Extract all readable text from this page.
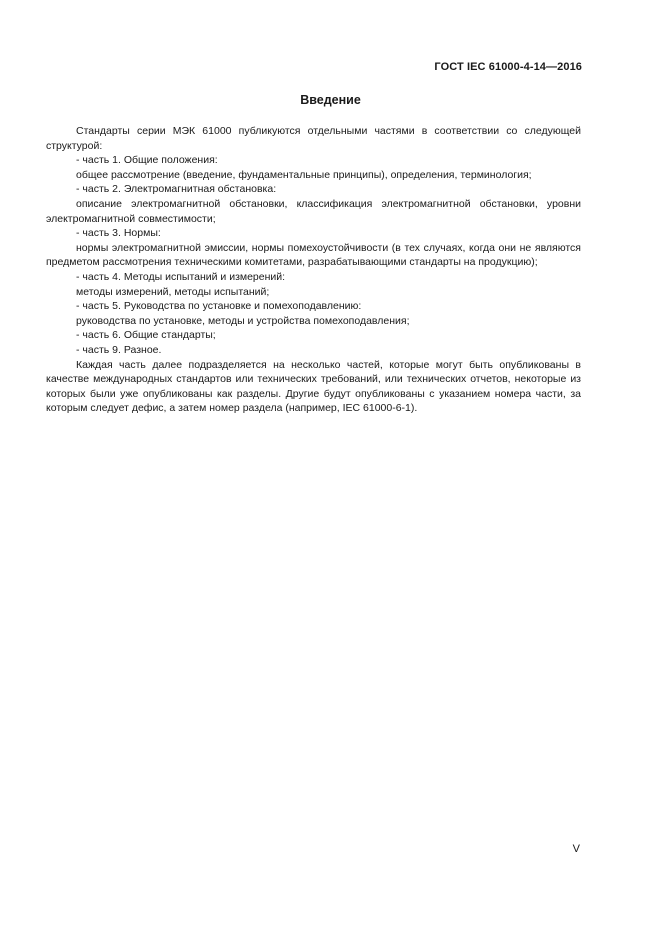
ГОСТ IEC 61000-4-14—2016
Введение

Стандарты серии МЭК 61000 публикуются отдельными частями в соответствии со следующей структурой:

- часть 1. Общие положения:

общее рассмотрение (введение, фундаментальные принципы), определения, терминология;

- часть 2. Электромагнитная обстановка:

описание электромагнитной обстановки, классификация электромагнитной обстановки, уровни электромагнитной совместимости;

- часть 3. Нормы:

нормы электромагнитной эмиссии, нормы помехоустойчивости (в тех случаях, когда они не являются предметом рассмотрения техническими комитетами, разрабатывающими стандарты на продукцию);

- часть 4. Методы испытаний и измерений:

методы измерений, методы испытаний;

- часть 5. Руководства по установке и помехоподавлению:

руководства по установке, методы и устройства помехоподавления;

- часть 6. Общие стандарты;

- часть 9. Разное.

Каждая часть далее подразделяется на несколько частей, которые могут быть опубликованы в качестве международных стандартов или технических требований, или технических отчетов, некоторые из которых были уже опубликованы как разделы. Другие будут опубликованы с указанием номера части, за которым следует дефис, а затем номер раздела (например, IEC 61000-6-1).

V
